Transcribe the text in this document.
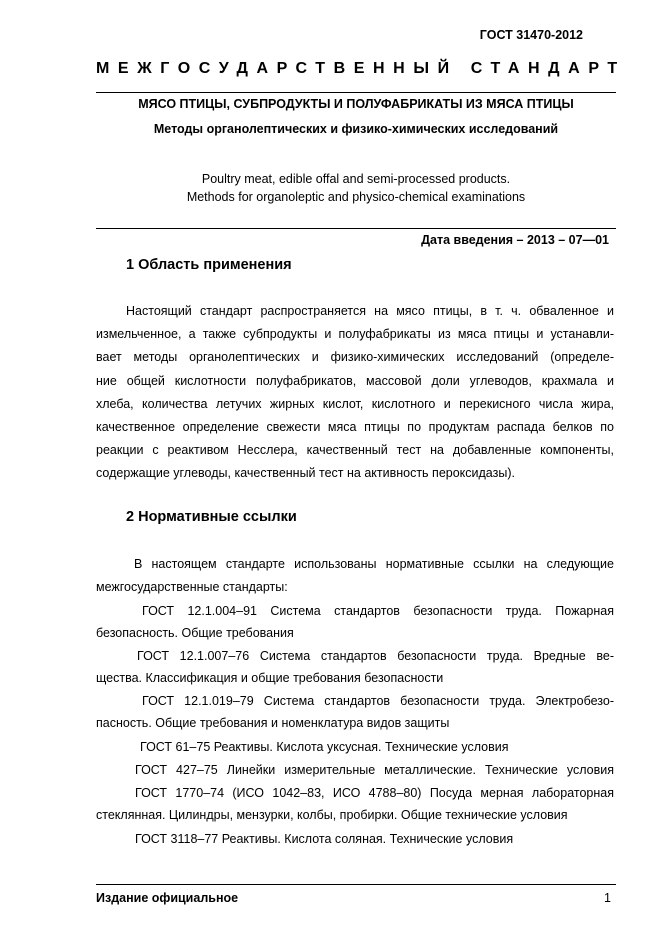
ГОСТ 31470-2012
МЕЖГОСУДАРСТВЕННЫЙ СТАНДАРТ
МЯСО ПТИЦЫ, СУБПРОДУКТЫ И ПОЛУФАБРИКАТЫ ИЗ МЯСА ПТИЦЫ
Методы органолептических и физико-химических исследований
Poultry meat, edible offal and semi-processed products.
Methods for organoleptic and physico-chemical examinations
Дата введения – 2013 – 07—01
1 Область применения
Настоящий стандарт распространяется на мясо птицы, в т. ч. обваленное и
измельченное, а также субпродукты и полуфабрикаты из мяса птицы и устанавли-
вает методы органолептических и физико-химических исследований (определе-
ние общей кислотности полуфабрикатов, массовой доли углеводов, крахмала и
хлеба, количества летучих жирных кислот, кислотного и перекисного числа жира,
качественное определение свежести мяса птицы по продуктам распада белков по
реакции с реактивом Несслера, качественный тест на добавленные компоненты,
содержащие углеводы, качественный тест на активность пероксидазы).
2 Нормативные ссылки
В настоящем стандарте использованы нормативные ссылки на следующие
межгосударственные стандарты:
ГОСТ 12.1.004–91 Система стандартов безопасности труда. Пожарная
безопасность. Общие требования
ГОСТ 12.1.007–76 Система стандартов безопасности труда. Вредные ве-
щества. Классификация и общие требования безопасности
ГОСТ 12.1.019–79 Система стандартов безопасности труда. Электробезо-
пасность. Общие требования и номенклатура видов защиты
ГОСТ 61–75 Реактивы. Кислота уксусная. Технические условия
ГОСТ 427–75 Линейки измерительные металлические. Технические условия
ГОСТ 1770–74 (ИСО 1042–83, ИСО 4788–80) Посуда мерная лабораторная
стеклянная. Цилиндры, мензурки, колбы, пробирки. Общие технические условия
ГОСТ 3118–77 Реактивы. Кислота соляная. Технические условия
Издание официальное	1
